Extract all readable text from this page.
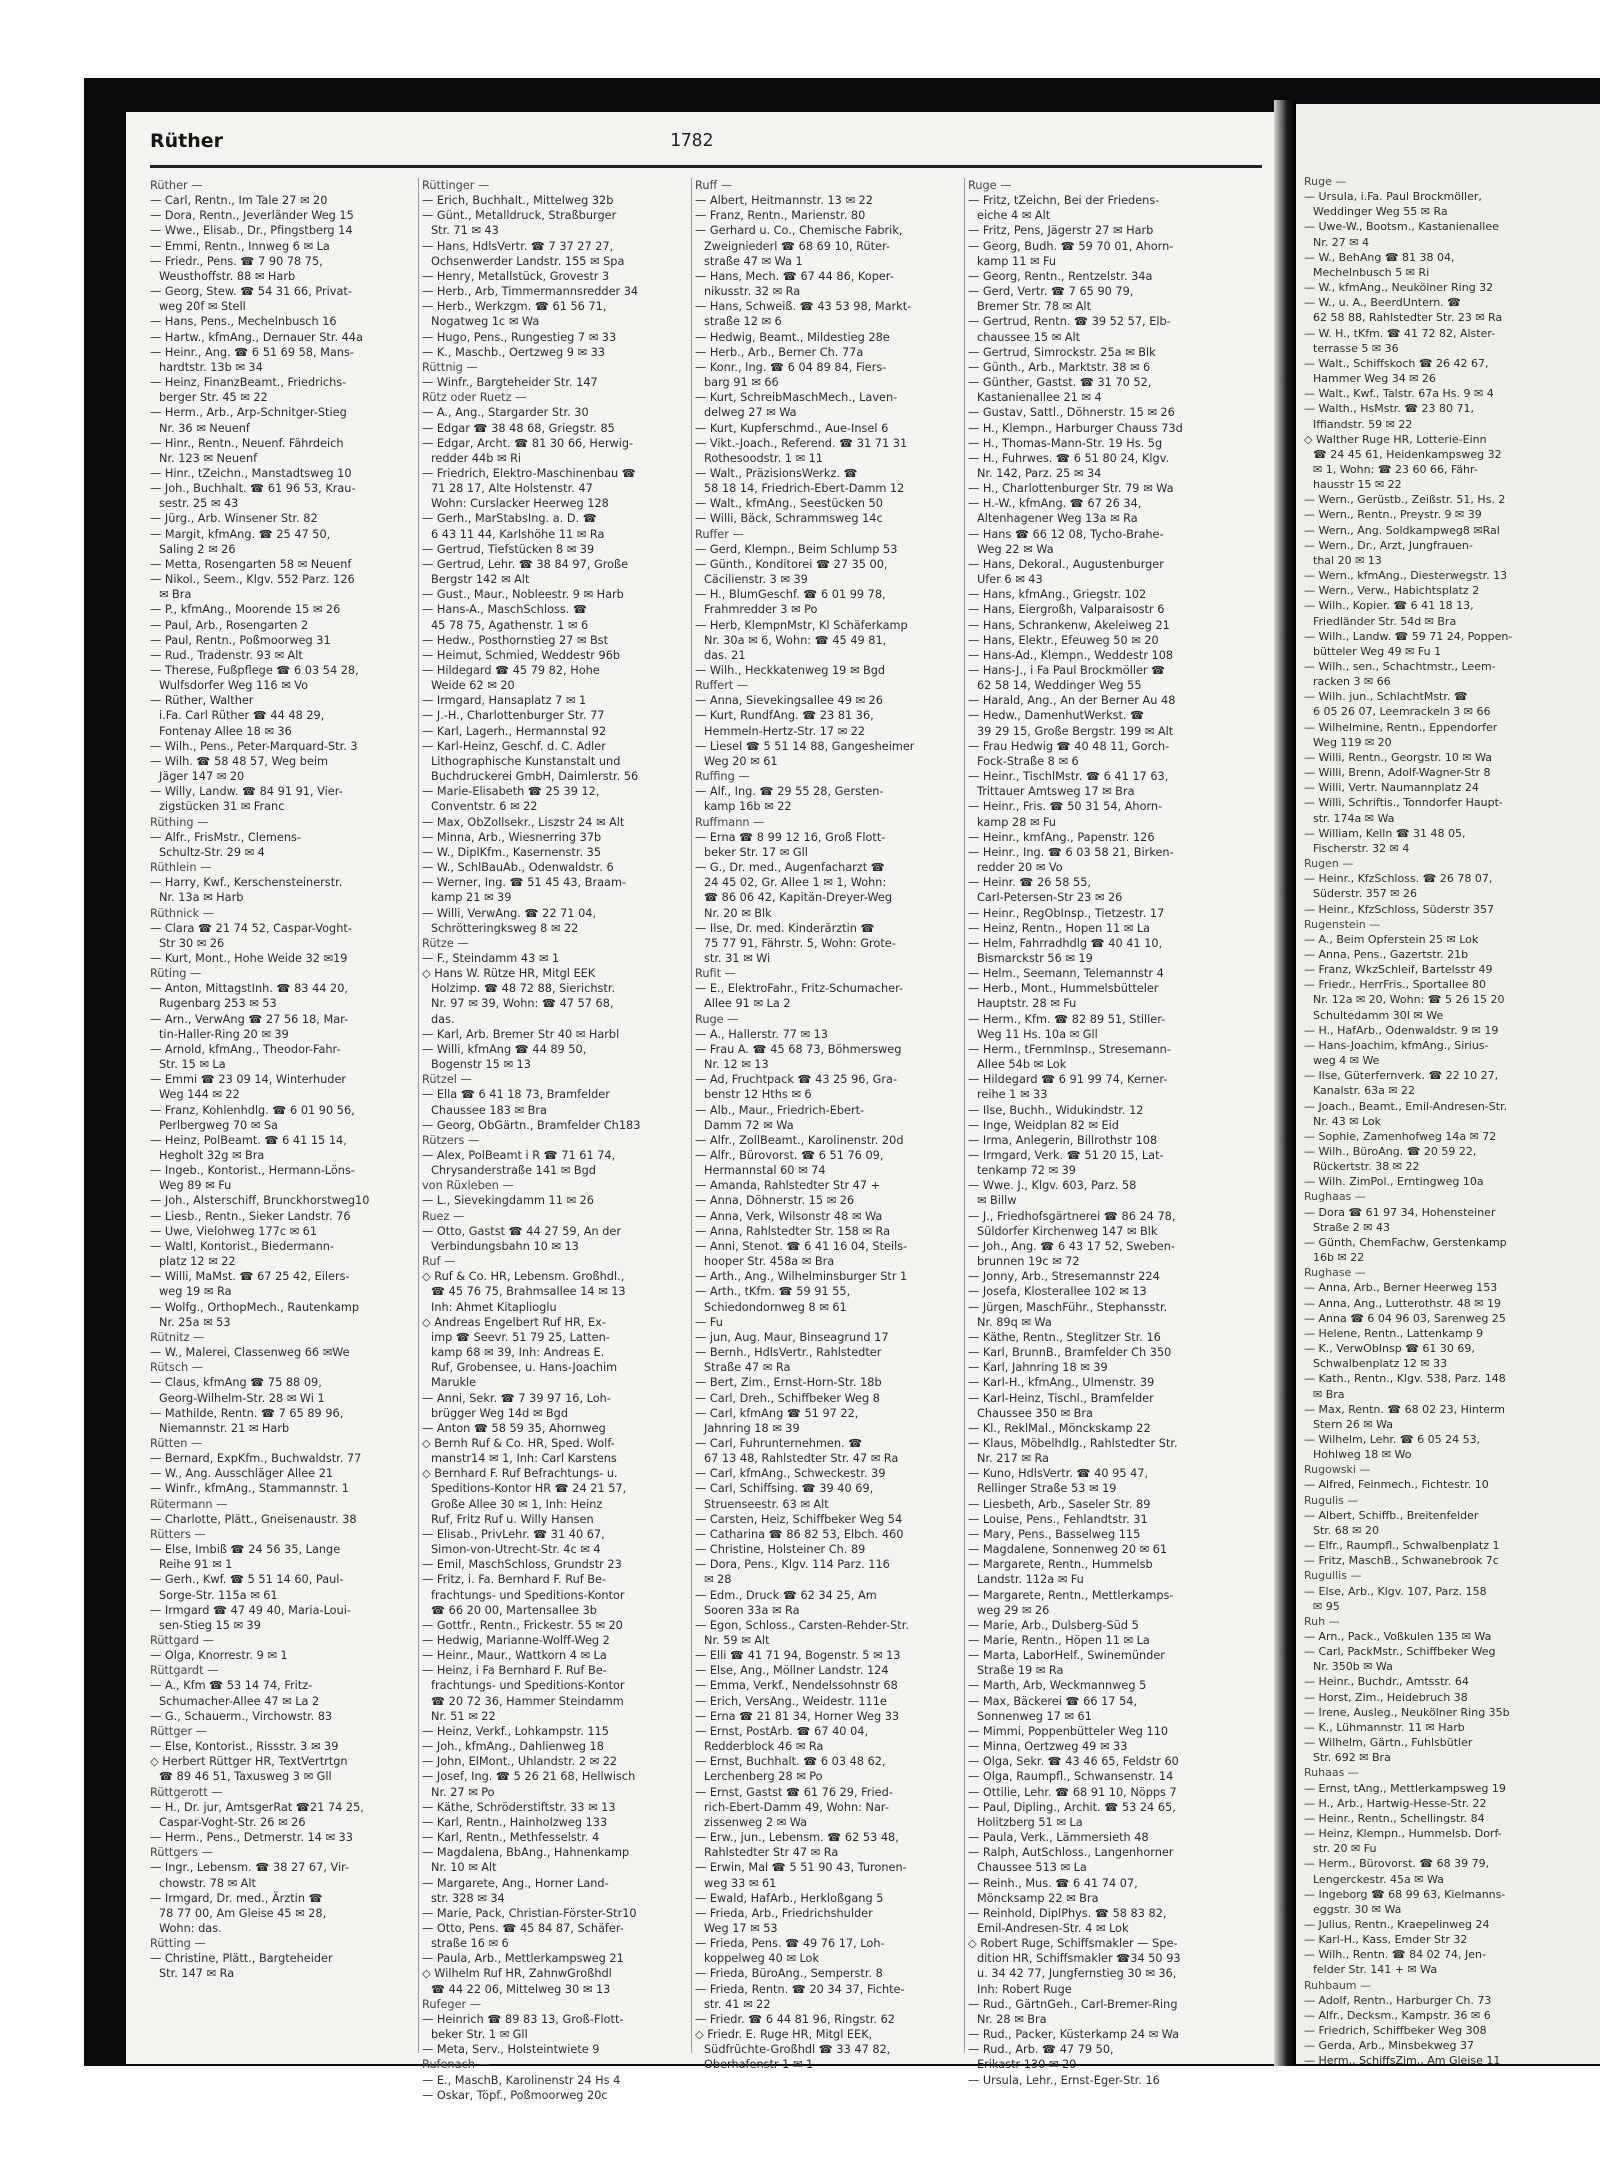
Rüther	1782

Rüther —

— Carl, Rentn., Im Tale 27 ✉ 20

— Dora, Rentn., Jeverländer Weg 15

— Wwe., Elisab., Dr., Pfingstberg 14

— Emmi, Rentn., Innweg 6 ✉ La

— Friedr., Pens. ☎ 7 90 78 75,

Weusthoffstr. 88 ✉ Harb

— Georg, Stew. ☎ 54 31 66, Privat-

weg 20f ✉ Stell

— Hans, Pens., Mechelnbusch 16

— Hartw., kfmAng., Dernauer Str. 44a

— Heinr., Ang. ☎ 6 51 69 58, Mans-

hardtstr. 13b ✉ 34

— Heinz, FinanzBeamt., Friedrichs-

berger Str. 45 ✉ 22

— Herm., Arb., Arp-Schnitger-Stieg

Nr. 36 ✉ Neuenf

— Hinr., Rentn., Neuenf. Fährdeich

Nr. 123 ✉ Neuenf

— Hinr., tZeichn., Manstadtsweg 10

— Joh., Buchhalt. ☎ 61 96 53, Krau-

sestr. 25 ✉ 43

— Jürg., Arb. Winsener Str. 82

— Margit, kfmAng. ☎ 25 47 50,

Saling 2 ✉ 26

— Metta, Rosengarten 58 ✉ Neuenf

— Nikol., Seem., Klgv. 552 Parz. 126

✉ Bra

— P., kfmAng., Moorende 15 ✉ 26

— Paul, Arb., Rosengarten 2

— Paul, Rentn., Poßmoorweg 31

— Rud., Tradenstr. 93 ✉ Alt

— Therese, Fußpflege ☎ 6 03 54 28,

Wulfsdorfer Weg 116 ✉ Vo

— Rüther, Walther

i.Fa. Carl Rüther ☎ 44 48 29,

Fontenay Allee 18 ✉ 36

— Wilh., Pens., Peter-Marquard-Str. 3

— Wilh. ☎ 58 48 57, Weg beim

Jäger 147 ✉ 20

— Willy, Landw. ☎ 84 91 91, Vier-

zigstücken 31 ✉ Franc

Rüthing —

— Alfr., FrisMstr., Clemens-

Schultz-Str. 29 ✉ 4

Rüthlein —

— Harry, Kwf., Kerschensteinerstr.

Nr. 13a ✉ Harb

Rüthnick —

— Clara ☎ 21 74 52, Caspar-Voght-

Str 30 ✉ 26

— Kurt, Mont., Hohe Weide 32 ✉19

Rüting —

— Anton, MittagstInh. ☎ 83 44 20,

Rugenbarg 253 ✉ 53

— Arn., VerwAng ☎ 27 56 18, Mar-

tin-Haller-Ring 20 ✉ 39

— Arnold, kfmAng., Theodor-Fahr-

Str. 15 ✉ La

— Emmi ☎ 23 09 14, Winterhuder

Weg 144 ✉ 22

— Franz, Kohlenhdlg. ☎ 6 01 90 56,

Perlbergweg 70 ✉ Sa

— Heinz, PolBeamt. ☎ 6 41 15 14,

Hegholt 32g ✉ Bra

— Ingeb., Kontorist., Hermann-Löns-

Weg 89 ✉ Fu

— Joh., Alsterschiff, Brunckhorstweg10

— Liesb., Rentn., Sieker Landstr. 76

— Uwe, Vielohweg 177c ✉ 61

— Waltl, Kontorist., Biedermann-

platz 12 ✉ 22

— Willi, MaMst. ☎ 67 25 42, Eilers-

weg 19 ✉ Ra

— Wolfg., OrthopMech., Rautenkamp

Nr. 25a ✉ 53

Rütnitz —

— W., Malerei, Classenweg 66 ✉We

Rütsch —

— Claus, kfmAng ☎ 75 88 09,

Georg-Wilhelm-Str. 28 ✉ Wi 1

— Mathilde, Rentn. ☎ 7 65 89 96,

Niemannstr. 21 ✉ Harb

Rütten —

— Bernard, ExpKfm., Buchwaldstr. 77

— W., Ang. Ausschläger Allee 21

— Winfr., kfmAng., Stammannstr. 1

Rütermann —

— Charlotte, Plätt., Gneisenaustr. 38

Rütters —

— Else, Imbiß ☎ 24 56 35, Lange

Reihe 91 ✉ 1

— Gerh., Kwf. ☎ 5 51 14 60, Paul-

Sorge-Str. 115a ✉ 61

— Irmgard ☎ 47 49 40, Maria-Loui-

sen-Stieg 15 ✉ 39

Rüttgard —

— Olga, Knorrestr. 9 ✉ 1

Rüttgardt —

— A., Kfm ☎ 53 14 74, Fritz-

Schumacher-Allee 47 ✉ La 2

— G., Schauerm., Virchowstr. 83

Rüttger —

— Else, Kontorist., Rissstr. 3 ✉ 39

◇ Herbert Rüttger HR, TextVertrtgn

☎ 89 46 51, Taxusweg 3 ✉ Gll

Rüttgerott —

— H., Dr. jur, AmtsgerRat ☎21 74 25,

Caspar-Voght-Str. 26 ✉ 26

— Herm., Pens., Detmerstr. 14 ✉ 33

Rüttgers —

— Ingr., Lebensm. ☎ 38 27 67, Vir-

chowstr. 78 ✉ Alt

— Irmgard, Dr. med., Ärztin ☎

78 77 00, Am Gleise 45 ✉ 28,

Wohn: das.

Rütting —

— Christine, Plätt., Bargteheider

Str. 147 ✉ Ra

Rüttinger —

— Erich, Buchhalt., Mittelweg 32b

— Günt., Metalldruck, Straßburger

Str. 71 ✉ 43

— Hans, HdlsVertr. ☎ 7 37 27 27,

Ochsenwerder Landstr. 155 ✉ Spa

— Henry, Metallstück, Grovestr 3

— Herb., Arb, Timmermannsredder 34

— Herb., Werkzgm. ☎ 61 56 71,

Nogatweg 1c ✉ Wa

— Hugo, Pens., Rungestieg 7 ✉ 33

— K., Maschb., Oertzweg 9 ✉ 33

Rüttnig —

— Winfr., Bargteheider Str. 147

Rütz oder Ruetz —

— A., Ang., Stargarder Str. 30

— Edgar ☎ 38 48 68, Griegstr. 85

— Edgar, Archt. ☎ 81 30 66, Herwig-

redder 44b ✉ Ri

— Friedrich, Elektro-Maschinenbau ☎

71 28 17, Alte Holstenstr. 47

Wohn: Curslacker Heerweg 128

— Gerh., MarStabsIng. a. D. ☎

6 43 11 44, Karlshöhe 11 ✉ Ra

— Gertrud, Tiefstücken 8 ✉ 39

— Gertrud, Lehr. ☎ 38 84 97, Große

Bergstr 142 ✉ Alt

— Gust., Maur., Nobleestr. 9 ✉ Harb

— Hans-A., MaschSchloss. ☎

45 78 75, Agathenstr. 1 ✉ 6

— Hedw., Posthornstieg 27 ✉ Bst

— Heimut, Schmied, Weddestr 96b

— Hildegard ☎ 45 79 82, Hohe

Weide 62 ✉ 20

— Irmgard, Hansaplatz 7 ✉ 1

— J.-H., Charlottenburger Str. 77

— Karl, Lagerh., Hermannstal 92

— Karl-Heinz, Geschf. d. C. Adler

Lithographische Kunstanstalt und

Buchdruckerei GmbH, Daimlerstr. 56

— Marie-Elisabeth ☎ 25 39 12,

Conventstr. 6 ✉ 22

— Max, ObZollsekr., Liszstr 24 ✉ Alt

— Minna, Arb., Wiesnerring 37b

— W., DiplKfm., Kasernenstr. 35

— W., SchlBauAb., Odenwaldstr. 6

— Werner, Ing. ☎ 51 45 43, Braam-

kamp 21 ✉ 39

— Willi, VerwAng. ☎ 22 71 04,

Schrötteringksweg 8 ✉ 22

Rütze —

— F., Steindamm 43 ✉ 1

◇ Hans W. Rütze HR, Mitgl EEK

Holzimp. ☎ 48 72 88, Sierichstr.

Nr. 97 ✉ 39, Wohn: ☎ 47 57 68,

das.

— Karl, Arb. Bremer Str 40 ✉ Harbl

— Willi, kfmAng ☎ 44 89 50,

Bogenstr 15 ✉ 13

Rützel —

— Ella ☎ 6 41 18 73, Bramfelder

Chaussee 183 ✉ Bra

— Georg, ObGärtn., Bramfelder Ch183

Rützers —

— Alex, PolBeamt i R ☎ 71 61 74,

Chrysanderstraße 141 ✉ Bgd

von Rüxleben —

— L., Sievekingdamm 11 ✉ 26

Ruez —

— Otto, Gastst ☎ 44 27 59, An der

Verbindungsbahn 10 ✉ 13

Ruf —

◇ Ruf & Co. HR, Lebensm. Großhdl.,

☎ 45 76 75, Brahmsallee 14 ✉ 13

Inh: Ahmet Kitaplioglu

◇ Andreas Engelbert Ruf HR, Ex-

imp ☎ Seevr. 51 79 25, Latten-

kamp 68 ✉ 39, Inh: Andreas E.

Ruf, Grobensee, u. Hans-Joachim

Marukle

— Anni, Sekr. ☎ 7 39 97 16, Loh-

brügger Weg 14d ✉ Bgd

— Anton ☎ 58 59 35, Ahornweg

◇ Bernh Ruf & Co. HR, Sped. Wolf-

manstr14 ✉ 1, Inh: Carl Karstens

◇ Bernhard F. Ruf Befrachtungs- u.

Speditions-Kontor HR ☎ 24 21 57,

Große Allee 30 ✉ 1, Inh: Heinz

Ruf, Fritz Ruf u. Willy Hansen

— Elisab., PrivLehr. ☎ 31 40 67,

Simon-von-Utrecht-Str. 4c ✉ 4

— Emil, MaschSchloss, Grundstr 23

— Fritz, i. Fa. Bernhard F. Ruf Be-

frachtungs- und Speditions-Kontor

☎ 66 20 00, Martensallee 3b

— Gottfr., Rentn., Frickestr. 55 ✉ 20

— Hedwig, Marianne-Wolff-Weg 2

— Heinr., Maur., Wattkorn 4 ✉ La

— Heinz, i Fa Bernhard F. Ruf Be-

frachtungs- und Speditions-Kontor

☎ 20 72 36, Hammer Steindamm

Nr. 51 ✉ 22

— Heinz, Verkf., Lohkampstr. 115

— Joh., kfmAng., Dahlienweg 18

— John, ElMont., Uhlandstr. 2 ✉ 22

— Josef, Ing. ☎ 5 26 21 68, Hellwisch

Nr. 27 ✉ Po

— Käthe, Schröderstiftstr. 33 ✉ 13

— Karl, Rentn., Hainholzweg 133

— Karl, Rentn., Methfesselstr. 4

— Magdalena, BbAng., Hahnenkamp

Nr. 10 ✉ Alt

— Margarete, Ang., Horner Land-

str. 328 ✉ 34

— Marie, Pack, Christian-Förster-Str10

— Otto, Pens. ☎ 45 84 87, Schäfer-

straße 16 ✉ 6

— Paula, Arb., Mettlerkampsweg 21

◇ Wilhelm Ruf HR, ZahnwGroßhdl

☎ 44 22 06, Mittelweg 30 ✉ 13

Rufeger —

— Heinrich ☎ 89 83 13, Groß-Flott-

beker Str. 1 ✉ Gll

— Meta, Serv., Holsteintwiete 9

Rufenach —

— E., MaschB, Karolinenstr 24 Hs 4

— Oskar, Töpf., Poßmoorweg 20c

Ruff —

— Albert, Heitmannstr. 13 ✉ 22

— Franz, Rentn., Marienstr. 80

— Gerhard u. Co., Chemische Fabrik,

Zweigniederl ☎ 68 69 10, Rüter-

straße 47 ✉ Wa 1

— Hans, Mech. ☎ 67 44 86, Koper-

nikusstr. 32 ✉ Ra

— Hans, Schweiß. ☎ 43 53 98, Markt-

straße 12 ✉ 6

— Hedwig, Beamt., Mildestieg 28e

— Herb., Arb., Berner Ch. 77a

— Konr., Ing. ☎ 6 04 89 84, Fiers-

barg 91 ✉ 66

— Kurt, SchreibMaschMech., Laven-

delweg 27 ✉ Wa

— Kurt, Kupferschmd., Aue-Insel 6

— Vikt.-Joach., Referend. ☎ 31 71 31

Rothesoodstr. 1 ✉ 11

— Walt., PräzisionsWerkz. ☎

58 18 14, Friedrich-Ebert-Damm 12

— Walt., kfmAng., Seestücken 50

— Willi, Bäck, Schrammsweg 14c

Ruffer —

— Gerd, Klempn., Beim Schlump 53

— Günth., Konditorei ☎ 27 35 00,

Cäcilienstr. 3 ✉ 39

— H., BlumGeschf. ☎ 6 01 99 78,

Frahmredder 3 ✉ Po

— Herb, KlempnMstr, Kl Schäferkamp

Nr. 30a ✉ 6, Wohn: ☎ 45 49 81,

das. 21

— Wilh., Heckkatenweg 19 ✉ Bgd

Ruffert —

— Anna, Sievekingsallee 49 ✉ 26

— Kurt, RundfAng. ☎ 23 81 36,

Hemmeln-Hertz-Str. 17 ✉ 22

— Liesel ☎ 5 51 14 88, Gangesheimer

Weg 20 ✉ 61

Ruffing —

— Alf., Ing. ☎ 29 55 28, Gersten-

kamp 16b ✉ 22

Ruffmann —

— Erna ☎ 8 99 12 16, Groß Flott-

beker Str. 17 ✉ Gll

— G., Dr. med., Augenfacharzt ☎

24 45 02, Gr. Allee 1 ✉ 1, Wohn:

☎ 86 06 42, Kapitän-Dreyer-Weg

Nr. 20 ✉ Blk

— Ilse, Dr. med. Kinderärztin ☎

75 77 91, Fährstr. 5, Wohn: Grote-

str. 31 ✉ Wi

Rufit —

— E., ElektroFahr., Fritz-Schumacher-

Allee 91 ✉ La 2

Ruge —

— A., Hallerstr. 77 ✉ 13

— Frau A. ☎ 45 68 73, Böhmersweg

Nr. 12 ✉ 13

— Ad, Fruchtpack ☎ 43 25 96, Gra-

benstr 12 Hths ✉ 6

— Alb., Maur., Friedrich-Ebert-

Damm 72 ✉ Wa

— Alfr., ZollBeamt., Karolinenstr. 20d

— Alfr., Bürovorst. ☎ 6 51 76 09,

Hermannstal 60 ✉ 74

— Amanda, Rahlstedter Str 47 +

— Anna, Döhnerstr. 15 ✉ 26

— Anna, Verk, Wilsonstr 48 ✉ Wa

— Anna, Rahlstedter Str. 158 ✉ Ra

— Anni, Stenot. ☎ 6 41 16 04, Steils-

hooper Str. 458a ✉ Bra

— Arth., Ang., Wilhelminsburger Str 1

— Arth., tKfm. ☎ 59 91 55,

Schiedondornweg 8 ✉ 61

— Fu

— jun, Aug. Maur, Binseagrund 17

— Bernh., HdlsVertr., Rahlstedter

Straße 47 ✉ Ra

— Bert, Zim., Ernst-Horn-Str. 18b

— Carl, Dreh., Schiffbeker Weg 8

— Carl, kfmAng ☎ 51 97 22,

Jahnring 18 ✉ 39

— Carl, Fuhrunternehmen. ☎

67 13 48, Rahlstedter Str. 47 ✉ Ra

— Carl, kfmAng., Schweckestr. 39

— Carl, Schiffsing. ☎ 39 40 69,

Struenseestr. 63 ✉ Alt

— Carsten, Heiz, Schiffbeker Weg 54

— Catharina ☎ 86 82 53, Elbch. 460

— Christine, Holsteiner Ch. 89

— Dora, Pens., Klgv. 114 Parz. 116

✉ 28

— Edm., Druck ☎ 62 34 25, Am

Sooren 33a ✉ Ra

— Egon, Schloss., Carsten-Rehder-Str.

Nr. 59 ✉ Alt

— Elli ☎ 41 71 94, Bogenstr. 5 ✉ 13

— Else, Ang., Möllner Landstr. 124

— Emma, Verkf., Nendelssohnstr 68

— Erich, VersAng., Weidestr. 111e

— Erna ☎ 21 81 34, Horner Weg 33

— Ernst, PostArb. ☎ 67 40 04,

Redderblock 46 ✉ Ra

— Ernst, Buchhalt. ☎ 6 03 48 62,

Lerchenberg 28 ✉ Po

— Ernst, Gastst ☎ 61 76 29, Fried-

rich-Ebert-Damm 49, Wohn: Nar-

zissenweg 2 ✉ Wa

— Erw., jun., Lebensm. ☎ 62 53 48,

Rahlstedter Str 47 ✉ Ra

— Erwin, Mal ☎ 5 51 90 43, Turonen-

weg 33 ✉ 61

— Ewald, HafArb., Herkloßgang 5

— Frieda, Arb., Friedrichshulder

Weg 17 ✉ 53

— Frieda, Pens. ☎ 49 76 17, Loh-

koppelweg 40 ✉ Lok

— Frieda, BüroAng., Semperstr. 8

— Frieda, Rentn. ☎ 20 34 37, Fichte-

str. 41 ✉ 22

— Friedr. ☎ 6 44 81 96, Ringstr. 62

◇ Friedr. E. Ruge HR, Mitgl EEK,

Südfrüchte-Großhdl ☎ 33 47 82,

Oberhafenstr 1 ✉ 1

Ruge —

— Fritz, tZeichn, Bei der Friedens-

eiche 4 ✉ Alt

— Fritz, Pens, Jägerstr 27 ✉ Harb

— Georg, Budh. ☎ 59 70 01, Ahorn-

kamp 11 ✉ Fu

— Georg, Rentn., Rentzelstr. 34a

— Gerd, Vertr. ☎ 7 65 90 79,

Bremer Str. 78 ✉ Alt

— Gertrud, Rentn. ☎ 39 52 57, Elb-

chaussee 15 ✉ Alt

— Gertrud, Simrockstr. 25a ✉ Blk

— Günth., Arb., Marktstr. 38 ✉ 6

— Günther, Gastst. ☎ 31 70 52,

Kastanienallee 21 ✉ 4

— Gustav, Sattl., Döhnerstr. 15 ✉ 26

— H., Klempn., Harburger Chauss 73d

— H., Thomas-Mann-Str. 19 Hs. 5g

— H., Fuhrwes. ☎ 6 51 80 24, Klgv.

Nr. 142, Parz. 25 ✉ 34

— H., Charlottenburger Str. 79 ✉ Wa

— H.-W., kfmAng. ☎ 67 26 34,

Altenhagener Weg 13a ✉ Ra

— Hans ☎ 66 12 08, Tycho-Brahe-

Weg 22 ✉ Wa

— Hans, Dekoral., Augustenburger

Ufer 6 ✉ 43

— Hans, kfmAng., Griegstr. 102

— Hans, Eiergroßh, Valparaisostr 6

— Hans, Schrankenw, Akeleiweg 21

— Hans, Elektr., Efeuweg 50 ✉ 20

— Hans-Ad., Klempn., Weddestr 108

— Hans-J., i Fa Paul Brockmöller ☎

62 58 14, Weddinger Weg 55

— Harald, Ang., An der Berner Au 48

— Hedw., DamenhutWerkst. ☎

39 29 15, Große Bergstr. 199 ✉ Alt

— Frau Hedwig ☎ 40 48 11, Gorch-

Fock-Straße 8 ✉ 6

— Heinr., TischlMstr. ☎ 6 41 17 63,

Trittauer Amtsweg 17 ✉ Bra

— Heinr., Fris. ☎ 50 31 54, Ahorn-

kamp 28 ✉ Fu

— Heinr., kmfAng., Papenstr. 126

— Heinr., Ing. ☎ 6 03 58 21, Birken-

redder 20 ✉ Vo

— Heinr. ☎ 26 58 55,

Carl-Petersen-Str 23 ✉ 26

— Heinr., RegObInsp., Tietzestr. 17

— Heinz, Rentn., Hopen 11 ✉ La

— Helm, Fahrradhdlg ☎ 40 41 10,

Bismarckstr 56 ✉ 19

— Helm., Seemann, Telemannstr 4

— Herb., Mont., Hummelsbütteler

Hauptstr. 28 ✉ Fu

— Herm., Kfm. ☎ 82 89 51, Stiller-

Weg 11 Hs. 10a ✉ Gll

— Herm., tFernmInsp., Stresemann-

Allee 54b ✉ Lok

— Hildegard ☎ 6 91 99 74, Kerner-

reihe 1 ✉ 33

— Ilse, Buchh., Widukindstr. 12

— Inge, Weidplan 82 ✉ Eid

— Irma, Anlegerin, Billrothstr 108

— Irmgard, Verk. ☎ 51 20 15, Lat-

tenkamp 72 ✉ 39

— Wwe. J., Klgv. 603, Parz. 58

✉ Billw

— J., Friedhofsgärtnerei ☎ 86 24 78,

Süldorfer Kirchenweg 147 ✉ Blk

— Joh., Ang. ☎ 6 43 17 52, Sweben-

brunnen 19c ✉ 72

— Jonny, Arb., Stresemannstr 224

— Josefa, Klosterallee 102 ✉ 13

— Jürgen, MaschFühr., Stephansstr.

Nr. 89q ✉ Wa

— Käthe, Rentn., Steglitzer Str. 16

— Karl, BrunnB., Bramfelder Ch 350

— Karl, Jahnring 18 ✉ 39

— Karl-H., kfmAng., Ulmenstr. 39

— Karl-Heinz, Tischl., Bramfelder

Chaussee 350 ✉ Bra

— Kl., ReklMal., Mönckskamp 22

— Klaus, Möbelhdlg., Rahlstedter Str.

Nr. 217 ✉ Ra

— Kuno, HdlsVertr. ☎ 40 95 47,

Rellinger Straße 53 ✉ 19

— Liesbeth, Arb., Saseler Str. 89

— Louise, Pens., Fehlandtstr. 31

— Mary, Pens., Basselweg 115

— Magdalene, Sonnenweg 20 ✉ 61

— Margarete, Rentn., Hummelsb

Landstr. 112a ✉ Fu

— Margarete, Rentn., Mettlerkamps-

weg 29 ✉ 26

— Marie, Arb., Dulsberg-Süd 5

— Marie, Rentn., Höpen 11 ✉ La

— Marta, LaborHelf., Swinemünder

Straße 19 ✉ Ra

— Marth, Arb, Weckmannweg 5

— Max, Bäckerei ☎ 66 17 54,

Sonnenweg 17 ✉ 61

— Mimmi, Poppenbütteler Weg 110

— Minna, Oertzweg 49 ✉ 33

— Olga, Sekr. ☎ 43 46 65, Feldstr 60

— Olga, Raumpfl., Schwansenstr. 14

— Ottilie, Lehr. ☎ 68 91 10, Nöpps 7

— Paul, Dipling., Archit. ☎ 53 24 65,

Holitzberg 51 ✉ La

— Paula, Verk., Lämmersieth 48

— Ralph, AutSchloss., Langenhorner

Chaussee 513 ✉ La

— Reinh., Mus. ☎ 6 41 74 07,

Möncksamp 22 ✉ Bra

— Reinhold, DiplPhys. ☎ 58 83 82,

Emil-Andresen-Str. 4 ✉ Lok

◇ Robert Ruge, Schiffsmakler — Spe-

dition HR, Schiffsmakler ☎34 50 93

u. 34 42 77, Jungfernstieg 30 ✉ 36,

Inh: Robert Ruge

— Rud., GärtnGeh., Carl-Bremer-Ring

Nr. 28 ✉ Bra

— Rud., Packer, Küsterkamp 24 ✉ Wa

— Rud., Arb. ☎ 47 79 50,

Erikastr 130 ✉ 20

— Ursula, Lehr., Ernst-Eger-Str. 16

Ruge —

— Ursula, i.Fa. Paul Brockmöller,

Weddinger Weg 55 ✉ Ra

— Uwe-W., Bootsm., Kastanienallee

Nr. 27 ✉ 4

— W., BehAng ☎ 81 38 04,

Mechelnbusch 5 ✉ Ri

— W., kfmAng., Neukölner Ring 32

— W., u. A., BeerdUntern. ☎

62 58 88, Rahlstedter Str. 23 ✉ Ra

— W. H., tKfm. ☎ 41 72 82, Alster-

terrasse 5 ✉ 36

— Walt., Schiffskoch ☎ 26 42 67,

Hammer Weg 34 ✉ 26

— Walt., Kwf., Talstr. 67a Hs. 9 ✉ 4

— Walth., HsMstr. ☎ 23 80 71,

Iffiandstr. 59 ✉ 22

◇ Walther Ruge HR, Lotterie-Einn

☎ 24 45 61, Heidenkampsweg 32

✉ 1, Wohn: ☎ 23 60 66, Fähr-

hausstr 15 ✉ 22

— Wern., Gerüstb., Zeißstr. 51, Hs. 2

— Wern., Rentn., Preystr. 9 ✉ 39

— Wern., Ang. Soldkampweg8 ✉Ral

— Wern., Dr., Arzt, Jungfrauen-

thal 20 ✉ 13

— Wern., kfmAng., Diesterwegstr. 13

— Wern., Verw., Habichtsplatz 2

— Wilh., Kopier. ☎ 6 41 18 13,

Friedländer Str. 54d ✉ Bra

— Wilh., Landw. ☎ 59 71 24, Poppen-

bütteler Weg 49 ✉ Fu 1

— Wilh., sen., Schachtmstr., Leem-

racken 3 ✉ 66

— Wilh. jun., SchlachtMstr. ☎

6 05 26 07, Leemrackeln 3 ✉ 66

— Wilhelmine, Rentn., Eppendorfer

Weg 119 ✉ 20

— Willi, Rentn., Georgstr. 10 ✉ Wa

— Willi, Brenn, Adolf-Wagner-Str 8

— Willi, Vertr. Naumannplatz 24

— Willi, Schriftis., Tonndorfer Haupt-

str. 174a ✉ Wa

— William, Kelln ☎ 31 48 05,

Fischerstr. 32 ✉ 4

Rugen —

— Heinr., KfzSchloss. ☎ 26 78 07,

Süderstr. 357 ✉ 26

— Heinr., KfzSchloss, Süderstr 357

Rugenstein —

— A., Beim Opferstein 25 ✉ Lok

— Anna, Pens., Gazertstr. 21b

— Franz, WkzSchleif, Bartelsstr 49

— Friedr., HerrFris., Sportallee 80

Nr. 12a ✉ 20, Wohn: ☎ 5 26 15 20

Schultedamm 30I ✉ We

— H., HafArb., Odenwaldstr. 9 ✉ 19

— Hans-Joachim, kfmAng., Sirius-

weg 4 ✉ We

— Ilse, Güterfernverk. ☎ 22 10 27,

Kanalstr. 63a ✉ 22

— Joach., Beamt., Emil-Andresen-Str.

Nr. 43 ✉ Lok

— Sophie, Zamenhofweg 14a ✉ 72

— Wilh., BüroAng. ☎ 20 59 22,

Rückertstr. 38 ✉ 22

— Wilh. ZimPol., Erntingweg 10a

Rughaas —

— Dora ☎ 61 97 34, Hohensteiner

Straße 2 ✉ 43

— Günth, ChemFachw, Gerstenkamp

16b ✉ 22

Rughase —

— Anna, Arb., Berner Heerweg 153

— Anna, Ang., Lutterothstr. 48 ✉ 19

— Anna ☎ 6 04 96 03, Sarenweg 25

— Helene, Rentn., Lattenkamp 9

— K., VerwObInsp ☎ 61 30 69,

Schwalbenplatz 12 ✉ 33

— Kath., Rentn., Klgv. 538, Parz. 148

✉ Bra

— Max, Rentn. ☎ 68 02 23, Hinterm

Stern 26 ✉ Wa

— Wilhelm, Lehr. ☎ 6 05 24 53,

Hohlweg 18 ✉ Wo

Rugowski —

— Alfred, Feinmech., Fichtestr. 10

Rugulis —

— Albert, Schiffb., Breitenfelder

Str. 68 ✉ 20

— Elfr., Raumpfl., Schwalbenplatz 1

— Fritz, MaschB., Schwanebrook 7c

Rugullis —

— Else, Arb., Klgv. 107, Parz. 158

✉ 95

Ruh —

— Arn., Pack., Voßkulen 135 ✉ Wa

— Carl, PackMstr., Schiffbeker Weg

Nr. 350b ✉ Wa

— Heinr., Buchdr., Amtsstr. 64

— Horst, Zim., Heidebruch 38

— Irene, Ausleg., Neukölner Ring 35b

— K., Lühmannstr. 11 ✉ Harb

— Wilhelm, Gärtn., Fuhlsbütler

Str. 692 ✉ Bra

Ruhaas —

— Ernst, tAng., Mettlerkampsweg 19

— H., Arb., Hartwig-Hesse-Str. 22

— Heinr., Rentn., Schellingstr. 84

— Heinz, Klempn., Hummelsb. Dorf-

str. 20 ✉ Fu

— Herm., Bürovorst. ☎ 68 39 79,

Lengerckestr. 45a ✉ Wa

— Ingeborg ☎ 68 99 63, Kielmanns-

eggstr. 30 ✉ Wa

— Julius, Rentn., Kraepelinweg 24

— Karl-H., Kass, Emder Str 32

— Wilh., Rentn. ☎ 84 02 74, Jen-

felder Str. 141 + ✉ Wa

Ruhbaum —

— Adolf, Rentn., Harburger Ch. 73

— Alfr., Decksm., Kampstr. 36 ✉ 6

— Friedrich, Schiffbeker Weg 308

— Gerda, Arb., Minsbekweg 37

— Herm., SchiffsZim., Am Gleise 11
